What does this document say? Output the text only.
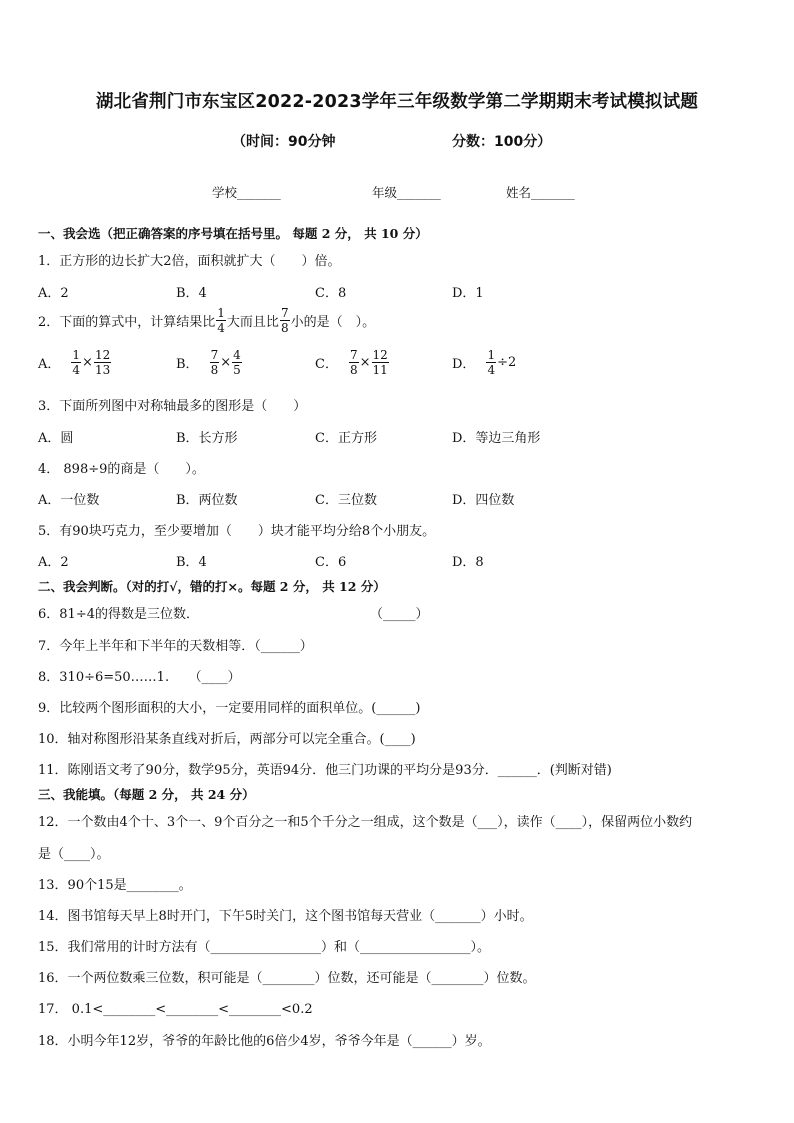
湖北省荆门市东宝区2022-2023学年三年级数学第二学期期末考试模拟试题
（时间：90分钟	分数：100分）
学校_______	年级_______	姓名_______
一、我会选（把正确答案的序号填在括号里。 每题 2 分， 共 10 分）
1．正方形的边长扩大2倍，面积就扩大（　　）倍。
A．2	B．4	C．8	D．1
2．下面的算式中，计算结果比 $\frac{1}{4}$ 大而且比 $\frac{7}{8}$ 小的是（　）。
A． $\frac{1}{4} \times \frac{12}{13}$	B． $\frac{7}{8} \times \frac{4}{5}$	C． $\frac{7}{8} \times \frac{12}{11}$	D． $\frac{1}{4} \div 2$
3．下面所列图中对称轴最多的图形是（　　）
A．圆	B．长方形	C．正方形	D．等边三角形
4． 898÷9的商是（　　）。
A．一位数	B．两位数	C．三位数	D．四位数
5．有90块巧克力，至少要增加（　　）块才能平均分给8个小朋友。
A．2	B．4	C．6	D．8
二、我会判断。（对的打√，错的打×。每题 2 分， 共 12 分）
6．81÷4的得数是三位数．	（_____）
7．今年上半年和下半年的天数相等．（______）
8．310÷6=50……1.　　（____）
9．比较两个图形面积的大小，一定要用同样的面积单位。(______)
10．轴对称图形沿某条直线对折后，两部分可以完全重合。(____)
11．陈刚语文考了90分，数学95分，英语94分．他三门功课的平均分是93分．______．(判断对错)
三、我能填。（每题 2 分， 共 24 分）
12．一个数由4个十、3个一、9个百分之一和5个千分之一组成，这个数是（___），读作（____），保留两位小数约
是（____）。
13．90个15是________。
14．图书馆每天早上8时开门，下午5时关门，这个图书馆每天营业（_______）小时。
15．我们常用的计时方法有（_________________）和（_________________）。
16．一个两位数乘三位数，积可能是（________）位数，还可能是（________）位数。
17． 0.1<________<________<________<0.2
18．小明今年12岁，爷爷的年龄比他的6倍少4岁，爷爷今年是（______）岁。
